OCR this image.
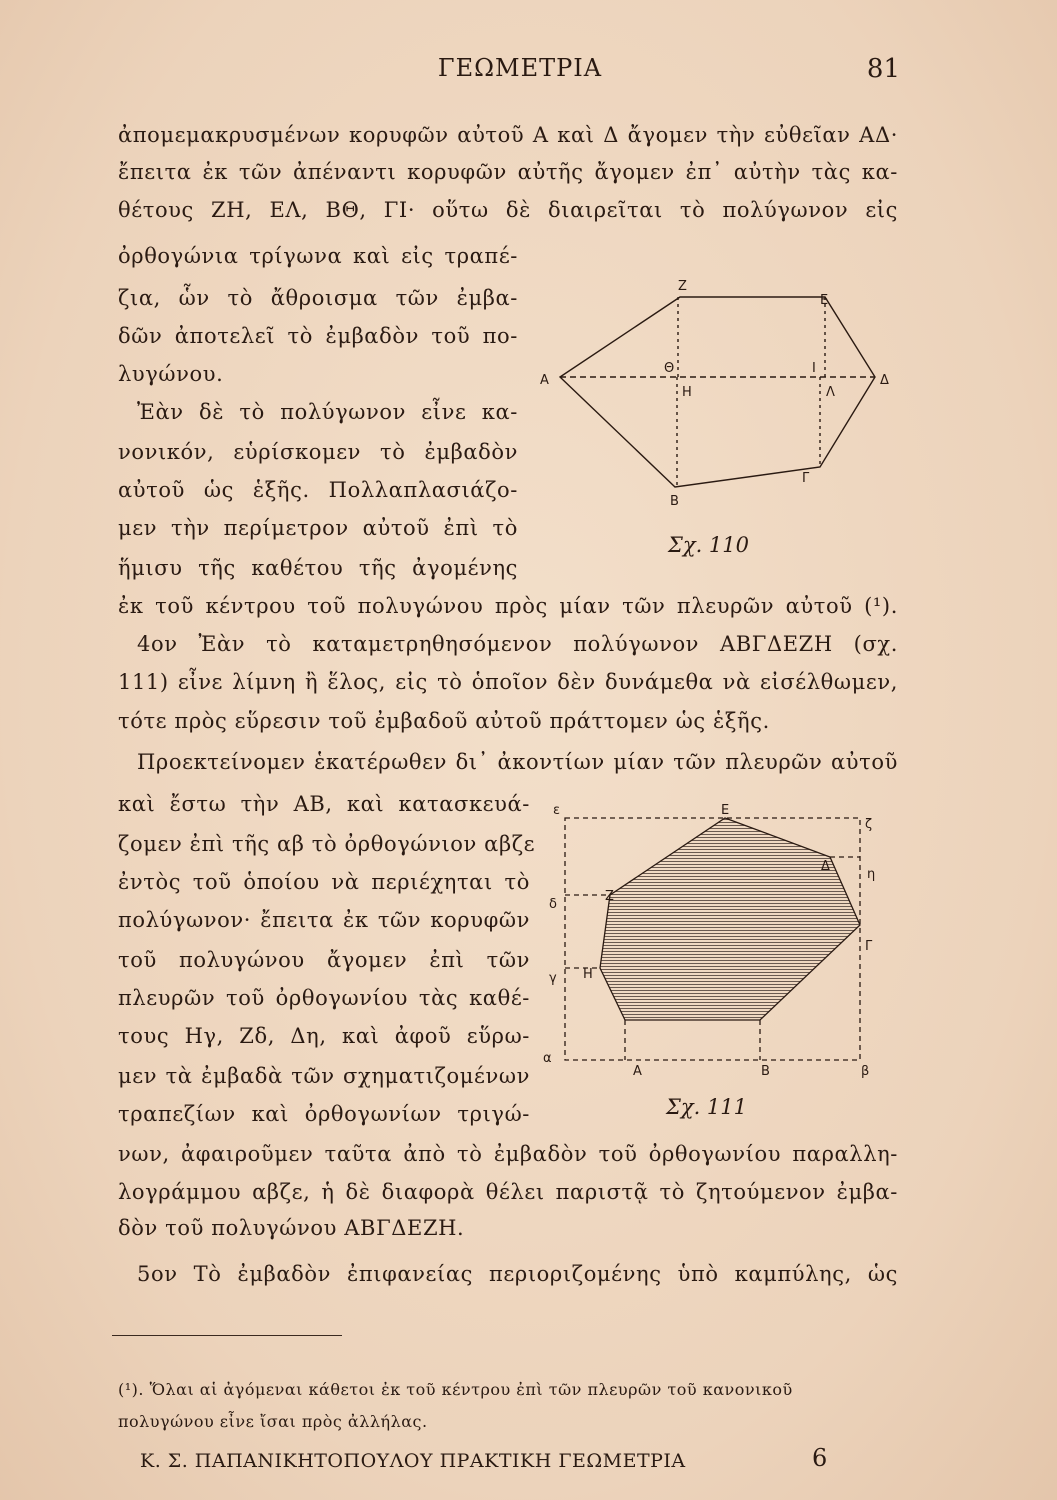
ΓΕΩΜΕΤΡΙΑ	81
ἀπομεμακρυσμένων κορυφῶν αὐτοῦ Α καὶ Δ ἄγομεν τὴν εὐθεῖαν ΑΔ·
ἔπειτα ἐκ τῶν ἀπέναντι κορυφῶν αὐτῆς ἄγομεν ἐπ᾽ αὐτὴν τὰς κα-
θέτους ΖΗ, ΕΛ, ΒΘ, ΓΙ· οὕτω δὲ διαιρεῖται τὸ πολύγωνον εἰς
ὀρθογώνια τρίγωνα καὶ εἰς τραπέ-
ζια, ὧν τὸ ἄθροισμα τῶν ἐμβα-
δῶν ἀποτελεῖ τὸ ἐμβαδὸν τοῦ πο-
λυγώνου.
Ἐὰν δὲ τὸ πολύγωνον εἶνε κα-
νονικόν, εὑρίσκομεν τὸ ἐμβαδὸν
αὐτοῦ ὡς ἑξῆς. Πολλαπλασιάζο-
μεν τὴν περίμετρον αὐτοῦ ἐπὶ τὸ
ἥμισυ τῆς καθέτου τῆς ἀγομένης
ἐκ τοῦ κέντρου τοῦ πολυγώνου πρὸς μίαν τῶν πλευρῶν αὐτοῦ (¹).
Α
Ζ
Ε
Δ
Γ
Β
Θ
Η	Λ
Ι
Σχ. 110
4ον Ἐὰν τὸ καταμετρηθησόμενον πολύγωνον ΑΒΓΔΕΖΗ (σχ.
111) εἶνε λίμνη ἢ ἕλος, εἰς τὸ ὁποῖον δὲν δυνάμεθα νὰ εἰσέλθωμεν,
τότε πρὸς εὕρεσιν τοῦ ἐμβαδοῦ αὐτοῦ πράττομεν ὡς ἑξῆς.
Προεκτείνομεν ἑκατέρωθεν δι᾽ ἀκοντίων μίαν τῶν πλευρῶν αὐτοῦ
καὶ ἔστω τὴν ΑΒ, καὶ κατασκευά-
ζομεν ἐπὶ τῆς αβ τὸ ὀρθογώνιον αβζε
ἐντὸς τοῦ ὁποίου νὰ περιέχηται τὸ
πολύγωνον· ἔπειτα ἐκ τῶν κορυφῶν
τοῦ πολυγώνου ἄγομεν ἐπὶ τῶν
πλευρῶν τοῦ ὀρθογωνίου τὰς καθέ-
τους Ηγ, Ζδ, Δη, καὶ ἀφοῦ εὕρω-
μεν τὰ ἐμβαδὰ τῶν σχηματιζομένων
τραπεζίων καὶ ὀρθογωνίων τριγώ-
νων, ἀφαιροῦμεν ταῦτα ἀπὸ τὸ ἐμβαδὸν τοῦ ὀρθογωνίου παραλλη-
λογράμμου αβζε, ἡ δὲ διαφορὰ θέλει παριστᾷ τὸ ζητούμενον ἐμβα-
δὸν τοῦ πολυγώνου ΑΒΓΔΕΖΗ.
5ον Τὸ ἐμβαδὸν ἐπιφανείας περιοριζομένης ὑπὸ καμπύλης, ὡς
ε	Ε
ζ
Δ
η
Ζ
δ
Γ
γ Η
α
Α	Β	β
Σχ. 111
(¹). Ὅλαι αἱ ἀγόμεναι κάθετοι ἐκ τοῦ κέντρου ἐπὶ τῶν πλευρῶν τοῦ κανονικοῦ
πολυγώνου εἶνε ἴσαι πρὸς ἀλλήλας.
Κ. Σ. ΠΑΠΑΝΙΚΗΤΟΠΟΥΛΟΥ ΠΡΑΚΤΙΚΗ ΓΕΩΜΕΤΡΙΑ	6
